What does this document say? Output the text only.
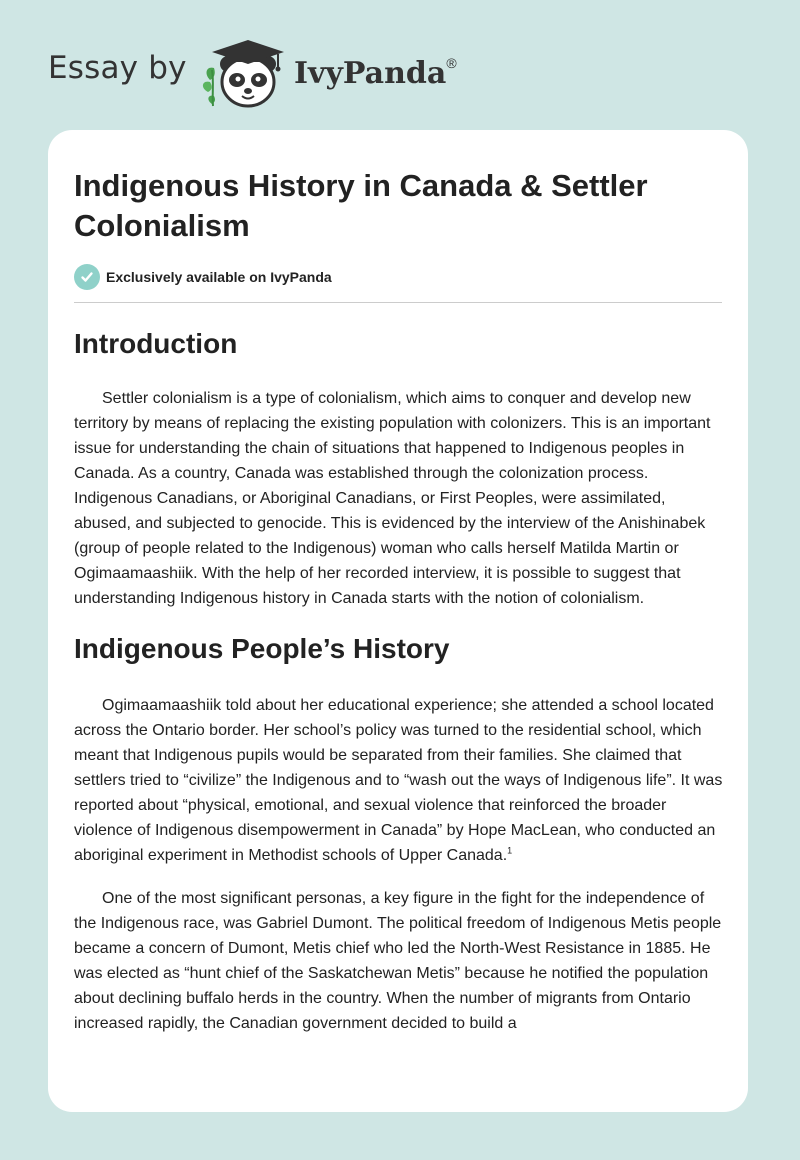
Essay by	IvyPanda®
Indigenous History in Canada & Settler Colonialism
Exclusively available on IvyPanda
Introduction

Settler colonialism is a type of colonialism, which aims to conquer and develop new territory by means of replacing the existing population with colonizers. This is an important issue for understanding the chain of situations that happened to Indigenous peoples in Canada. As a country, Canada was established through the colonization process. Indigenous Canadians, or Aboriginal Canadians, or First Peoples, were assimilated, abused, and subjected to genocide. This is evidenced by the interview of the Anishinabek (group of people related to the Indigenous) woman who calls herself Matilda Martin or Ogimaamaashiik. With the help of her recorded interview, it is possible to suggest that understanding Indigenous history in Canada starts with the notion of colonialism.

Indigenous People’s History

Ogimaamaashiik told about her educational experience; she attended a school located across the Ontario border. Her school’s policy was turned to the residential school, which meant that Indigenous pupils would be separated from their families. She claimed that settlers tried to “civilize” the Indigenous and to “wash out the ways of Indigenous life”. It was reported about “physical, emotional, and sexual violence that reinforced the broader violence of Indigenous disempowerment in Canada” by Hope MacLean, who conducted an aboriginal experiment in Methodist schools of Upper Canada.$^1$

One of the most significant personas, a key figure in the fight for the independence of the Indigenous race, was Gabriel Dumont. The political freedom of Indigenous Metis people became a concern of Dumont, Metis chief who led the North-West Resistance in 1885. He was elected as “hunt chief of the Saskatchewan Metis” because he notified the population about declining buffalo herds in the country. When the number of migrants from Ontario increased rapidly, the Canadian government decided to build a
